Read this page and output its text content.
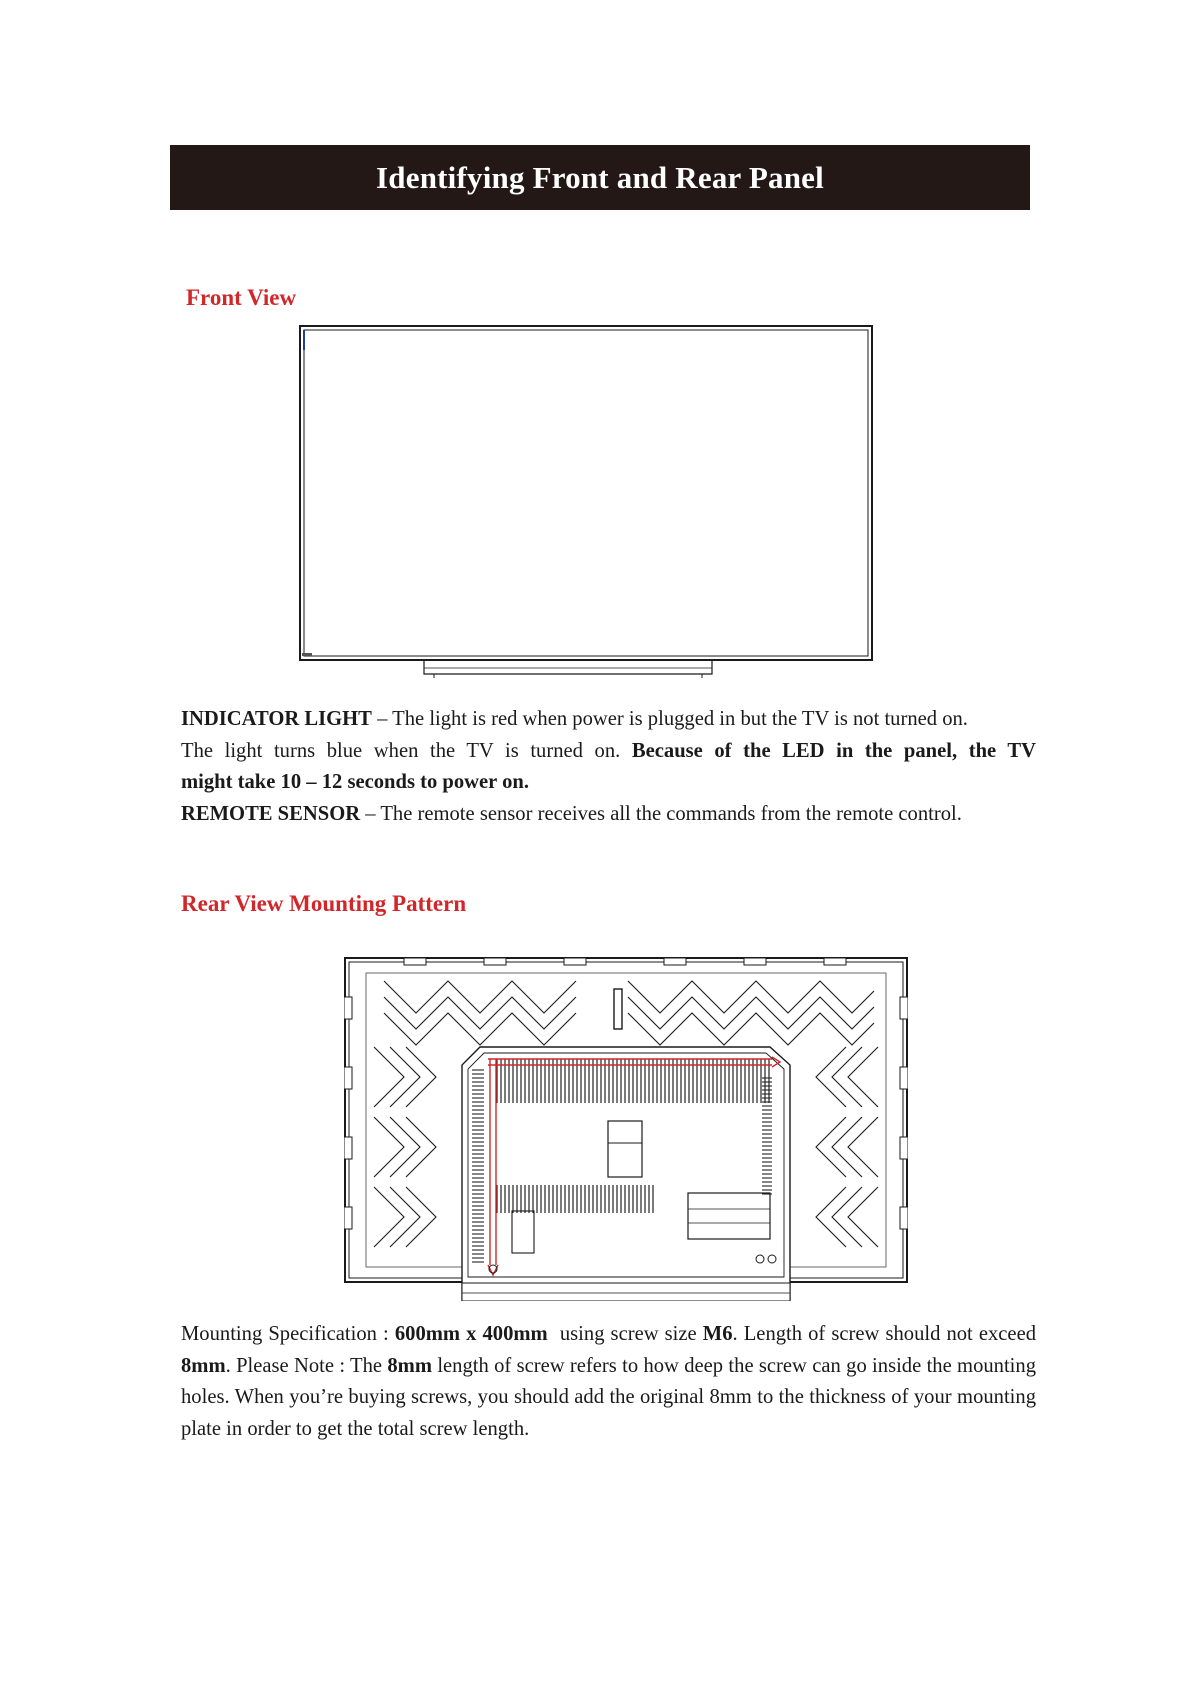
Identifying Front and Rear Panel
Front View

INDICATOR LIGHT – The light is red when power is plugged in but the TV is not turned on.

The light turns blue when the TV is turned on. Because of the LED in the panel, the TV

might take 10 – 12 seconds to power on.

REMOTE SENSOR – The remote sensor receives all the commands from the remote control.

Rear View Mounting Pattern
Mounting Specification : 600mm x 400mm using screw size M6. Length of screw should not exceed 8mm. Please Note : The 8mm length of screw refers to how deep the screw can go inside the mounting holes. When you’re buying screws, you should add the original 8mm to the thickness of your mounting plate in order to get the total screw length.
